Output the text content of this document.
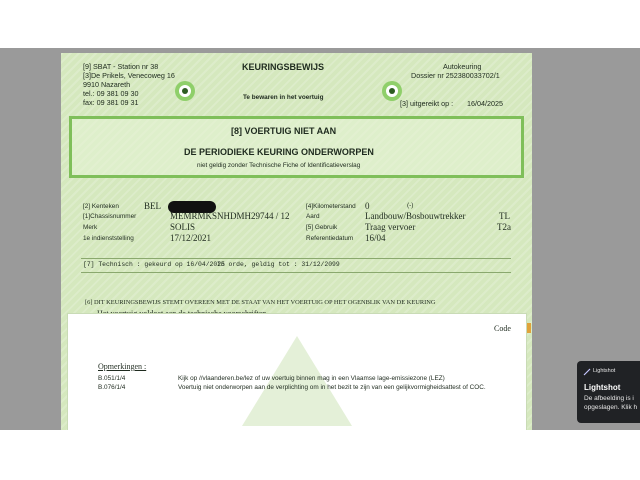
[9] SBAT - Station nr 38
[3]De Prikels, Venecoweg 16
9910 Nazareth
tel.: 09 381 09 30
fax: 09 381 09 31
KEURINGSBEWIJS
Te bewaren in het voertuig
Autokeuring
Dossier nr 252380033702/1
[3] uitgereikt op : 16/04/2025
[8] VOERTUIG NIET AAN
DE PERIODIEKE KEURING ONDERWORPEN
niet geldig zonder Technische Fiche of Identificatieverslag
[2] Kenteken	BEL
[1]Chassisnummer	MEMRMKSNHDMH29744 / 12
Merk	SOLIS
1e indienststelling	17/12/2021
[4]Kilometerstand 0	(-)
Aard	Landbouw/Bosbouwtrekker	TL
[5] Gebruik	Traag vervoer	T2a
Referentiedatum 16/04
[7] Technisch : gekeurd op 16/04/2025
In orde, geldig tot : 31/12/2099
[6] DIT KEURINGSBEWIJS STEMT OVEREEN MET DE STAAT VAN HET VOERTUIG OP HET OGENBLIK VAN DE KEURING
Code
Opmerkingen :
B.051/1/4	Kijk op //vlaanderen.be/lez of uw voertuig binnen mag in een Vlaamse lage-emissiezone (LEZ)
B.076/1/4	Voertuig niet onderworpen aan de verplichting om in het bezit te zijn van een gelijkvormigheidsattest of COC.
Lightshot
Lightshot
De afbeelding is i
opgeslagen. Klik h
